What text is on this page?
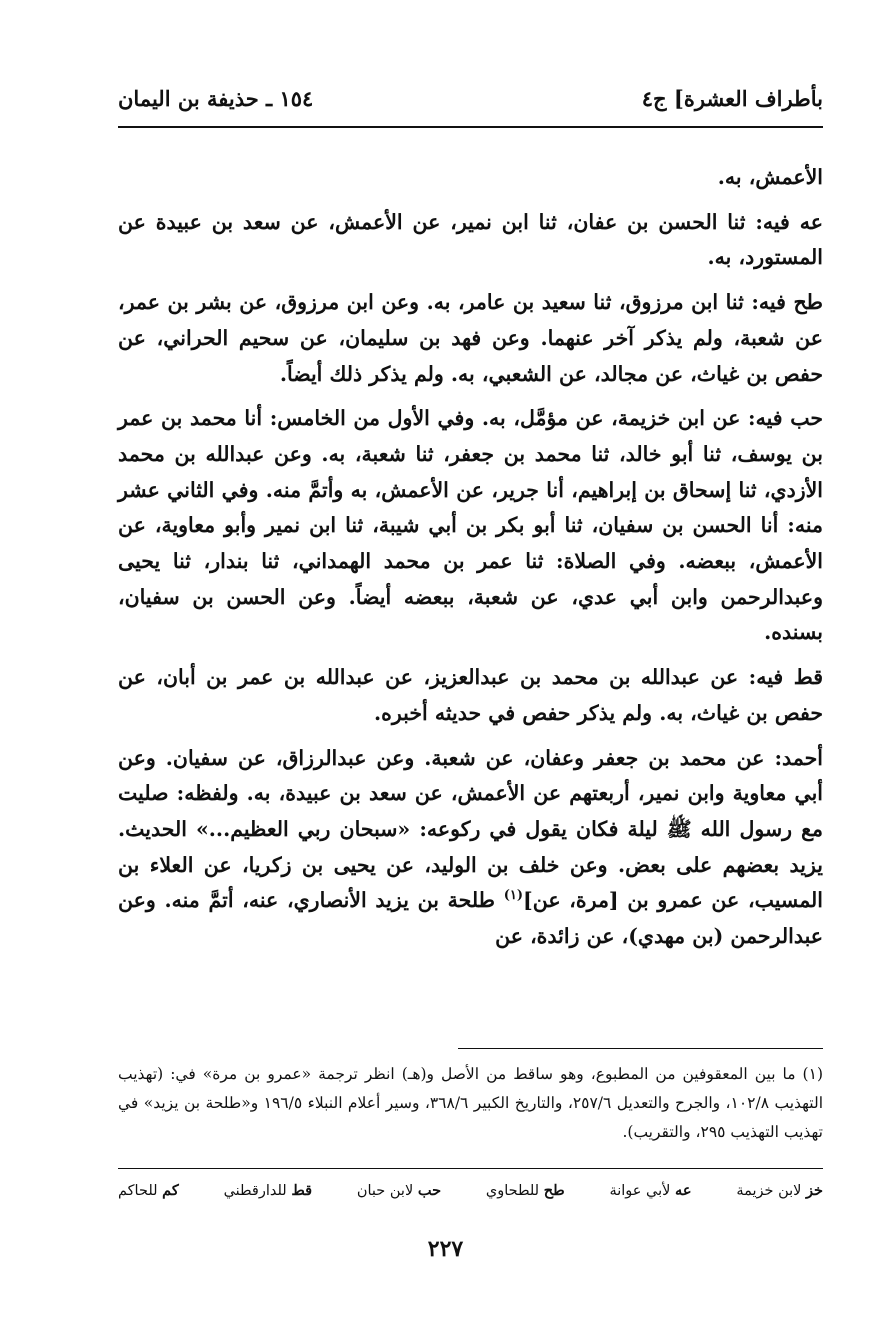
بأطراف العشرة] ج٤
١٥٤ ـ حذيفة بن اليمان

الأعمش، به.

عه فيه: ثنا الحسن بن عفان، ثنا ابن نمير، عن الأعمش، عن سعد بن عبيدة عن المستورد، به.

طح فيه: ثنا ابن مرزوق، ثنا سعيد بن عامر، به. وعن ابن مرزوق، عن بشر بن عمر، عن شعبة، ولم يذكر آخر عنهما. وعن فهد بن سليمان، عن سحيم الحراني، عن حفص بن غياث، عن مجالد، عن الشعبي، به. ولم يذكر ذلك أيضاً.

حب فيه: عن ابن خزيمة، عن مؤمَّل، به. وفي الأول من الخامس: أنا محمد بن عمر بن يوسف، ثنا أبو خالد، ثنا محمد بن جعفر، ثنا شعبة، به. وعن عبدالله بن محمد الأزدي، ثنا إسحاق بن إبراهيم، أنا جرير، عن الأعمش، به وأتمَّ منه. وفي الثاني عشر منه: أنا الحسن بن سفيان، ثنا أبو بكر بن أبي شيبة، ثنا ابن نمير وأبو معاوية، عن الأعمش، ببعضه. وفي الصلاة: ثنا عمر بن محمد الهمداني، ثنا بندار، ثنا يحيى وعبدالرحمن وابن أبي عدي، عن شعبة، ببعضه أيضاً. وعن الحسن بن سفيان، بسنده.

قط فيه: عن عبدالله بن محمد بن عبدالعزيز، عن عبدالله بن عمر بن أبان، عن حفص بن غياث، به. ولم يذكر حفص في حديثه أخبره.

أحمد: عن محمد بن جعفر وعفان، عن شعبة. وعن عبدالرزاق، عن سفيان. وعن أبي معاوية وابن نمير، أربعتهم عن الأعمش، عن سعد بن عبيدة، به. ولفظه: صليت مع رسول الله ﷺ ليلة فكان يقول في ركوعه: «سبحان ربي العظيم...» الحديث. يزيد بعضهم على بعض. وعن خلف بن الوليد، عن يحيى بن زكريا، عن العلاء بن المسيب، عن عمرو بن [مرة، عن]$^{(١)}$ طلحة بن يزيد الأنصاري، عنه، أتمَّ منه. وعن عبدالرحمن (بن مهدي)، عن زائدة، عن

(١) ما بين المعقوفين من المطبوع، وهو ساقط من الأصل و(هـ) انظر ترجمة «عمرو بن مرة» في: (تهذيب التهذيب ١٠٢/٨، والجرح والتعديل ٢٥٧/٦، والتاريخ الكبير ٣٦٨/٦، وسير أعلام النبلاء ١٩٦/٥ و«طلحة بن يزيد» في تهذيب التهذيب ٢٩٥، والتقريب).

خز لابن خزيمة
عه لأبي عوانة
طح للطحاوي
حب لابن حبان
قط للدارقطني
كم للحاكم
٢٢٧
